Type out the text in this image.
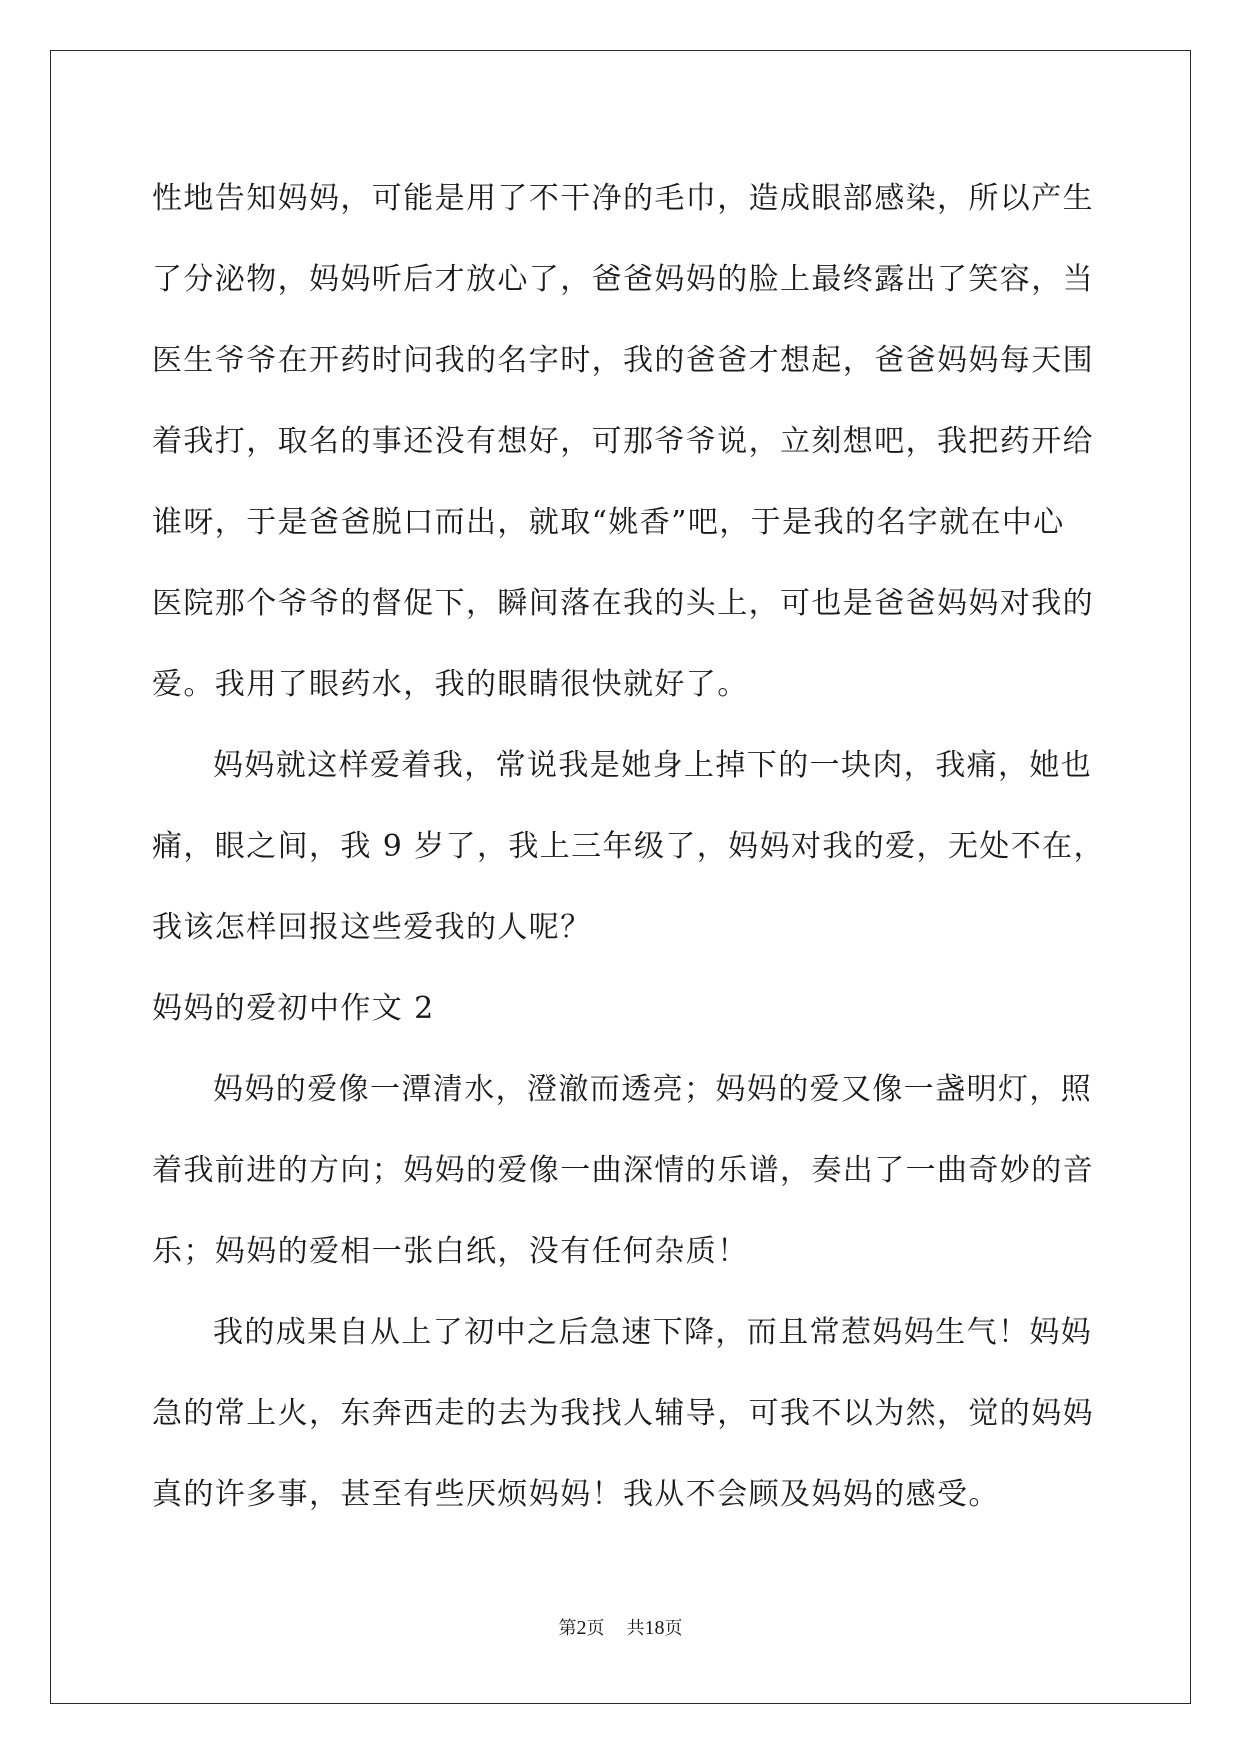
性地告知妈妈，可能是用了不干净的毛巾，造成眼部感染，所以产生
了分泌物，妈妈听后才放心了，爸爸妈妈的脸上最终露出了笑容，当
医生爷爷在开药时问我的名字时，我的爸爸才想起，爸爸妈妈每天围
着我打，取名的事还没有想好，可那爷爷说，立刻想吧，我把药开给
谁呀，于是爸爸脱口而出，就取“姚香”吧，于是我的名字就在中心
医院那个爷爷的督促下，瞬间落在我的头上，可也是爸爸妈妈对我的
爱。我用了眼药水，我的眼睛很快就好了。
妈妈就这样爱着我，常说我是她身上掉下的一块肉，我痛，她也
痛，眼之间，我 9 岁了，我上三年级了，妈妈对我的爱，无处不在，
我该怎样回报这些爱我的人呢？
妈妈的爱初中作文 2
妈妈的爱像一潭清水，澄澈而透亮；妈妈的爱又像一盏明灯，照
着我前进的方向；妈妈的爱像一曲深情的乐谱，奏出了一曲奇妙的音
乐；妈妈的爱相一张白纸，没有任何杂质！
我的成果自从上了初中之后急速下降，而且常惹妈妈生气！妈妈
急的常上火，东奔西走的去为我找人辅导，可我不以为然，觉的妈妈
真的许多事，甚至有些厌烦妈妈！我从不会顾及妈妈的感受。
第2页 共18页
